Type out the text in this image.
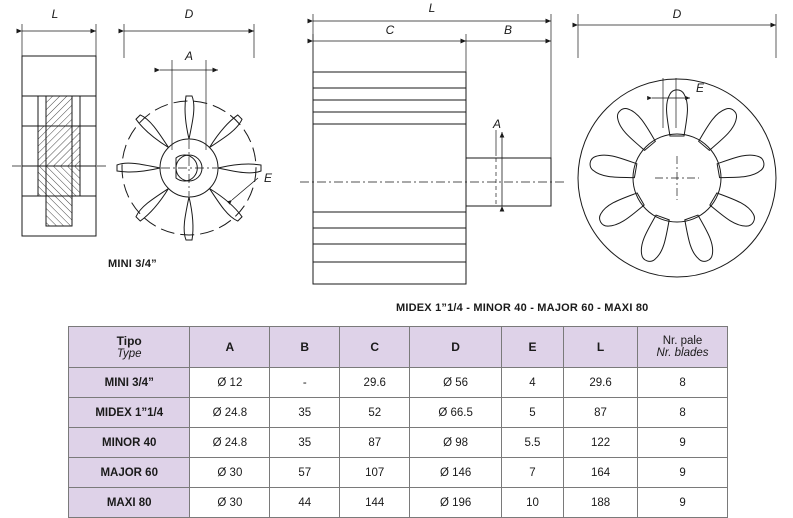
L	D
A
E
L
C	B
A
D
E
MINI 3/4”
MIDEX 1”1/4 - MINOR 40 - MAJOR 60 - MAXI 80
Tipo
Type	A	B	C	D	E	L	Nr. pale
Nr. blades

MINI 3/4”	Ø 12	-	29.6	Ø 56	4	29.6	8
MIDEX 1”1/4	Ø 24.8	35	52	Ø 66.5	5	87	8
MINOR 40	Ø 24.8	35	87	Ø 98	5.5	122	9
MAJOR 60	Ø 30	57	107	Ø 146	7	164	9
MAXI 80	Ø 30	44	144	Ø 196	10	188	9
